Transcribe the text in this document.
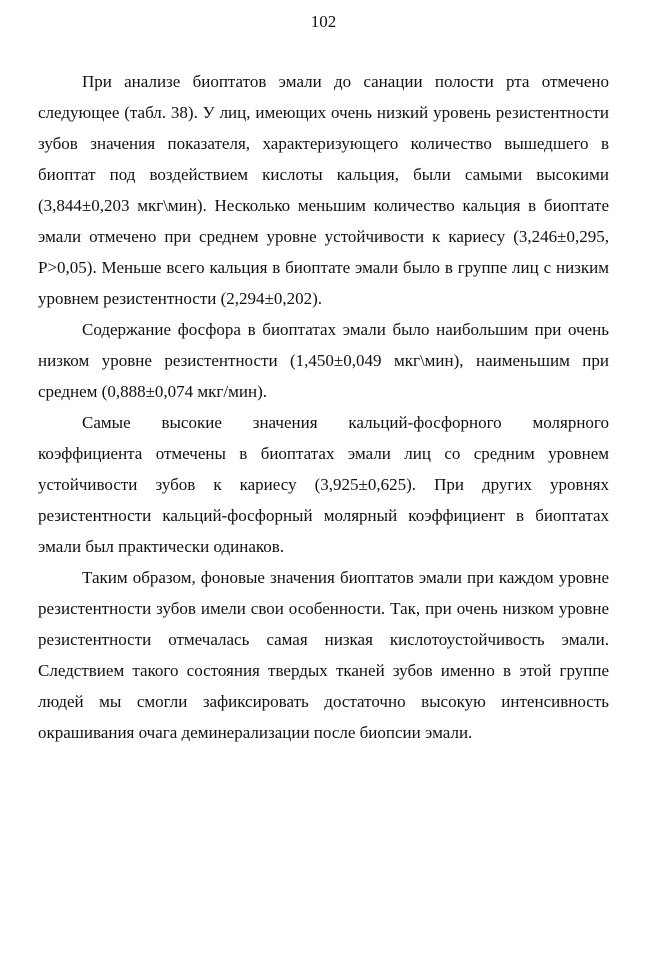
102

При анализе биоптатов эмали до санации полости рта отмечено следующее (табл. 38). У лиц, имеющих очень низкий уровень резистентности зубов значения показателя, характеризующего количество вышедшего в биоптат под воздействием кислоты кальция, были самыми высокими (3,844±0,203 мкг\мин). Несколько меньшим количество кальция в биоптате эмали отмечено при среднем уровне устойчивости к кариесу (3,246±0,295, Р>0,05). Меньше всего кальция в биоптате эмали было в группе лиц с низким уровнем резистентности (2,294±0,202).

Содержание фосфора в биоптатах эмали было наибольшим при очень низком уровне резистентности (1,450±0,049 мкг\мин), наименьшим при среднем (0,888±0,074 мкг/мин).

Самые высокие значения кальций-фосфорного молярного коэффициента отмечены в биоптатах эмали лиц со средним уровнем устойчивости зубов к кариесу (3,925±0,625). При других уровнях резистентности кальций-фосфорный молярный коэффициент в биоптатах эмали был практически одинаков.

Таким образом, фоновые значения биоптатов эмали при каждом уровне резистентности зубов имели свои особенности. Так, при очень низком уровне резистентности отмечалась самая низкая кислотоустойчивость эмали. Следствием такого состояния твердых тканей зубов именно в этой группе людей мы смогли зафиксировать достаточно высокую интенсивность окрашивания очага деминерализации после биопсии эмали.
